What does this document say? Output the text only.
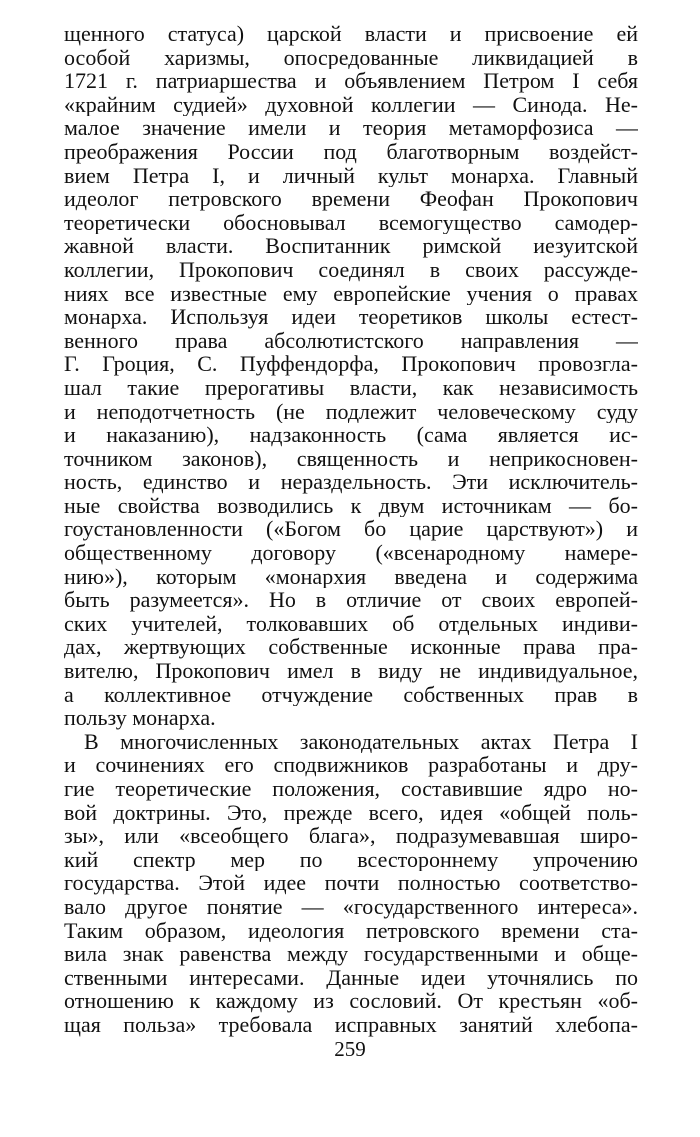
щенного статуса) царской власти и присвоение ей
особой харизмы, опосредованные ликвидацией в
1721 г. патриаршества и объявлением Петром I себя
«крайним судией» духовной коллегии — Синода. Не-
малое значение имели и теория метаморфозиса —
преображения России под благотворным воздейст-
вием Петра I, и личный культ монарха. Главный
идеолог петровского времени Феофан Прокопович
теоретически обосновывал всемогущество самодер-
жавной власти. Воспитанник римской иезуитской
коллегии, Прокопович соединял в своих рассужде-
ниях все известные ему европейские учения о правах
монарха. Используя идеи теоретиков школы естест-
венного права абсолютистского направления —
Г. Гроция, С. Пуффендорфа, Прокопович провозгла-
шал такие прерогативы власти, как независимость
и неподотчетность (не подлежит человеческому суду
и наказанию), надзаконность (сама является ис-
точником законов), священность и неприкосновен-
ность, единство и нераздельность. Эти исключитель-
ные свойства возводились к двум источникам — бо-
гоустановленности («Богом бо царие царствуют») и
общественному договору («всенародному намере-
нию»), которым «монархия введена и содержима
быть разумеется». Но в отличие от своих европей-
ских учителей, толковавших об отдельных индиви-
дах, жертвующих собственные исконные права пра-
вителю, Прокопович имел в виду не индивидуальное,
а коллективное отчуждение собственных прав в
пользу монарха.
В многочисленных законодательных актах Петра I
и сочинениях его сподвижников разработаны и дру-
гие теоретические положения, составившие ядро но-
вой доктрины. Это, прежде всего, идея «общей поль-
зы», или «всеобщего блага», подразумевавшая широ-
кий спектр мер по всестороннему упрочению
государства. Этой идее почти полностью соответство-
вало другое понятие — «государственного интереса».
Таким образом, идеология петровского времени ста-
вила знак равенства между государственными и обще-
ственными интересами. Данные идеи уточнялись по
отношению к каждому из сословий. От крестьян «об-
щая польза» требовала исправных занятий хлебопа-
259
